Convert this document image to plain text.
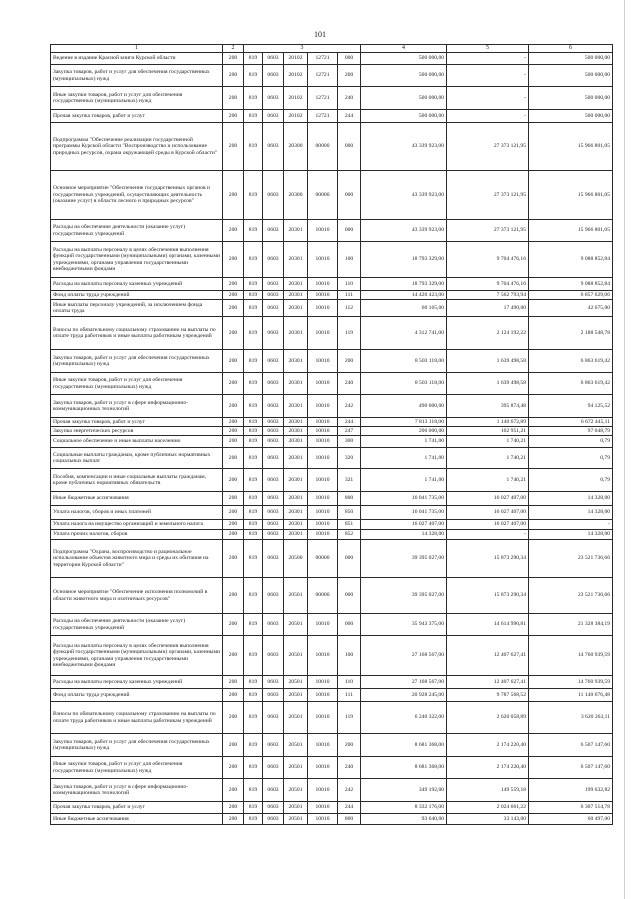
101
1	2	3					4	5	6
Ведение в издание Красной книги Курской области	200	819	0603	20102	12721	000	500 000,00	-	500 000,00
Закупка товаров, работ и услуг для обеспечения государственных (муниципальных) нужд	200	819	0603	20102	12721	200	500 000,00	-	500 000,00
Иные закупки товаров, работ и услуг для обеспечения государственных (муниципальных) нужд	200	819	0603	20102	12721	240	500 000,00	-	500 000,00
Прочая закупка товаров, работ и услуг	200	819	0603	20102	12721	244	500 000,00	-	500 000,00
Подпрограмма "Обеспечение реализации государственной программы Курской области "Воспроизводство и использование природных ресурсов, охрана окружающей среды в Курской области"	200	819	0603	20300	00000	000	43 339 923,00	27 373 121,95	15 966 801,05
Основное мероприятие "Обеспечение государственных органов и государственных учреждений, осуществляющих деятельность (оказание услуг) в области лесного и природных ресурсов"	200	819	0603	20300	00000	000	43 339 923,00	27 373 121,95	15 966 801,05
Расходы на обеспечение деятельности (оказание услуг) государственных учреждений	200	819	0603	20301	10010	000	43 339 923,00	27 373 121,95	15 966 801,05
Расходы на выплаты персоналу в целях обеспечения выполнения функций государственными (муниципальными) органами, казенными учреждениями, органами управления государственными внебюджетными фондами	200	819	0603	20301	10010	100	18 793 329,00	9 704 476,16	9 088 852,84
Расходы на выплаты персоналу казенных учреждений	200	819	0603	20301	10010	110	18 793 329,00	9 704 476,16	9 088 852,84
Фонд оплаты труда учреждений	200	819	0603	20301	10010	111	14 420 423,00	7 562 793,94	6 857 629,06
Иные выплаты персоналу учреждений, за исключением фонда оплаты труда	200	819	0603	20301	10010	112	60 165,00	17 490,00	42 675,00
Взносы по обязательному социальному страхованию на выплаты по оплате труда работников и иные выплаты работникам учреждений	200	819	0603	20301	10010	119	4 312 741,00	2 124 192,22	2 188 548,78
Закупка товаров, работ и услуг для обеспечения государственных (муниципальных) нужд	200	819	0603	20301	10010	200	8 503 118,00	1 639 498,58	6 863 619,42
Иные закупки товаров, работ и услуг для обеспечения государственных (муниципальных) нужд	200	819	0603	20301	10010	240	8 503 118,00	1 639 498,58	6 863 619,42
Закупка товаров, работ и услуг в сфере информационно-коммуникационных технологий	200	819	0603	20301	10010	242	490 000,00	395 874,48	94 125,52
Прочая закупка товаров, работ и услуг	200	819	0603	20301	10010	244	7 813 118,00	1 140 672,89	6 672 445,11
Закупка энергетических ресурсов	200	819	0603	20301	10010	247	200 000,00	102 951,21	97 048,79
Социальное обеспечение и иные выплаты населению	200	819	0603	20301	10010	300	1 741,00	1 740,21	0,79
Социальные выплаты гражданам, кроме публичных нормативных социальных выплат	200	819	0603	20301	10010	320	1 741,00	1 740,21	0,79
Пособия, компенсации и иные социальные выплаты гражданам, кроме публичных нормативных обязательств	200	819	0603	20301	10010	321	1 741,00	1 740,21	0,79
Иные бюджетные ассигнования	200	819	0603	20301	10010	800	16 041 735,00	16 027 407,00	14 328,00
Уплата налогов, сборов и иных платежей	200	819	0603	20301	10010	850	16 041 735,00	16 027 407,00	14 328,00
Уплата налога на имущество организаций и земельного налога	200	819	0603	20301	10010	851	16 027 407,00	16 027 407,00	-
Уплата прочих налогов, сборов	200	819	0603	20301	10010	852	14 328,00	-	14 328,00
Подпрограмма "Охрана, воспроизводство и рациональное использование объектов животного мира и среды их обитания на территории Курской области"	200	819	0603	20500	00000	000	39 395 027,00	15 873 290,34	23 521 736,66
Основное мероприятие "Обеспечение исполнения полномочий в области животного мира и охотничьих ресурсов"	200	819	0603	20501	00000	000	39 395 027,00	15 873 290,34	23 521 736,66
Расходы на обеспечение деятельности (оказание услуг) государственных учреждений	200	819	0603	20501	10010	000	35 943 375,00	14 614 990,81	21 328 384,19
Расходы на выплаты персоналу в целях обеспечения выполнения функций государственными (муниципальными) органами, казенными учреждениями, органами управления государственными внебюджетными фондами	200	819	0603	20501	10010	100	27 168 567,00	12 407 627,41	14 760 939,59
Расходы на выплаты персоналу казенных учреждений	200	819	0603	20501	10010	110	27 168 567,00	12 407 627,41	14 760 939,59
Фонд оплаты труда учреждений	200	819	0603	20501	10010	111	20 928 245,00	9 787 568,52	11 140 676,48
Взносы по обязательному социальному страхованию на выплаты по оплате труда работников и иные выплаты работникам учреждений	200	819	0603	20501	10010	119	6 240 322,00	2 620 058,89	3 620 263,11
Закупка товаров, работ и услуг для обеспечения государственных (муниципальных) нужд	200	819	0603	20501	10010	200	8 681 368,00	2 174 220,40	6 507 147,60
Иные закупки товаров, работ и услуг для обеспечения государственных (муниципальных) нужд	200	819	0603	20501	10010	240	8 681 368,00	2 174 220,40	6 507 147,60
Закупка товаров, работ и услуг в сфере информационно-коммуникационных технологий	200	819	0603	20501	10010	242	349 192,00	149 559,18	199 632,82
Прочая закупка товаров, работ и услуг	200	819	0603	20501	10010	244	8 332 176,00	2 024 661,22	6 307 514,78
Иные бюджетные ассигнования	200	819	0603	20501	10010	800	93 640,00	33 143,00	60 497,00
